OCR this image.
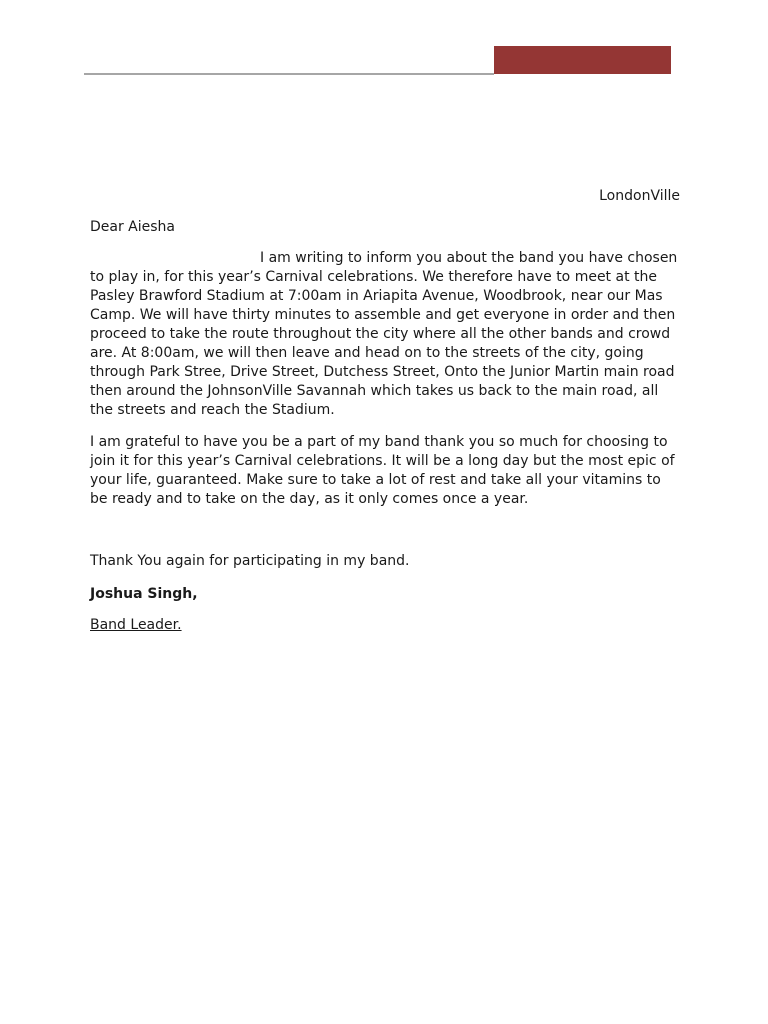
LondonVille

Dear Aiesha

I am writing to inform you about the band you have chosen to play in, for this year’s Carnival celebrations. We therefore have to meet at the Pasley Brawford Stadium at 7:00am in Ariapita Avenue, Woodbrook, near our Mas Camp. We will have thirty minutes to assemble and get everyone in order and then proceed to take the route throughout the city where all the other bands and crowd are. At 8:00am, we will then leave and head on to the streets of the city, going through Park Stree, Drive Street, Dutchess Street, Onto the Junior Martin main road then around the JohnsonVille Savannah which takes us back to the main road, all the streets and reach the Stadium.

I am grateful to have you be a part of my band thank you so much for choosing to join it for this year’s Carnival celebrations. It will be a long day but the most epic of your life, guaranteed. Make sure to take a lot of rest and take all your vitamins to be ready and to take on the day, as it only comes once a year.

Thank You again for participating in my band.

Joshua Singh,

Band Leader.
